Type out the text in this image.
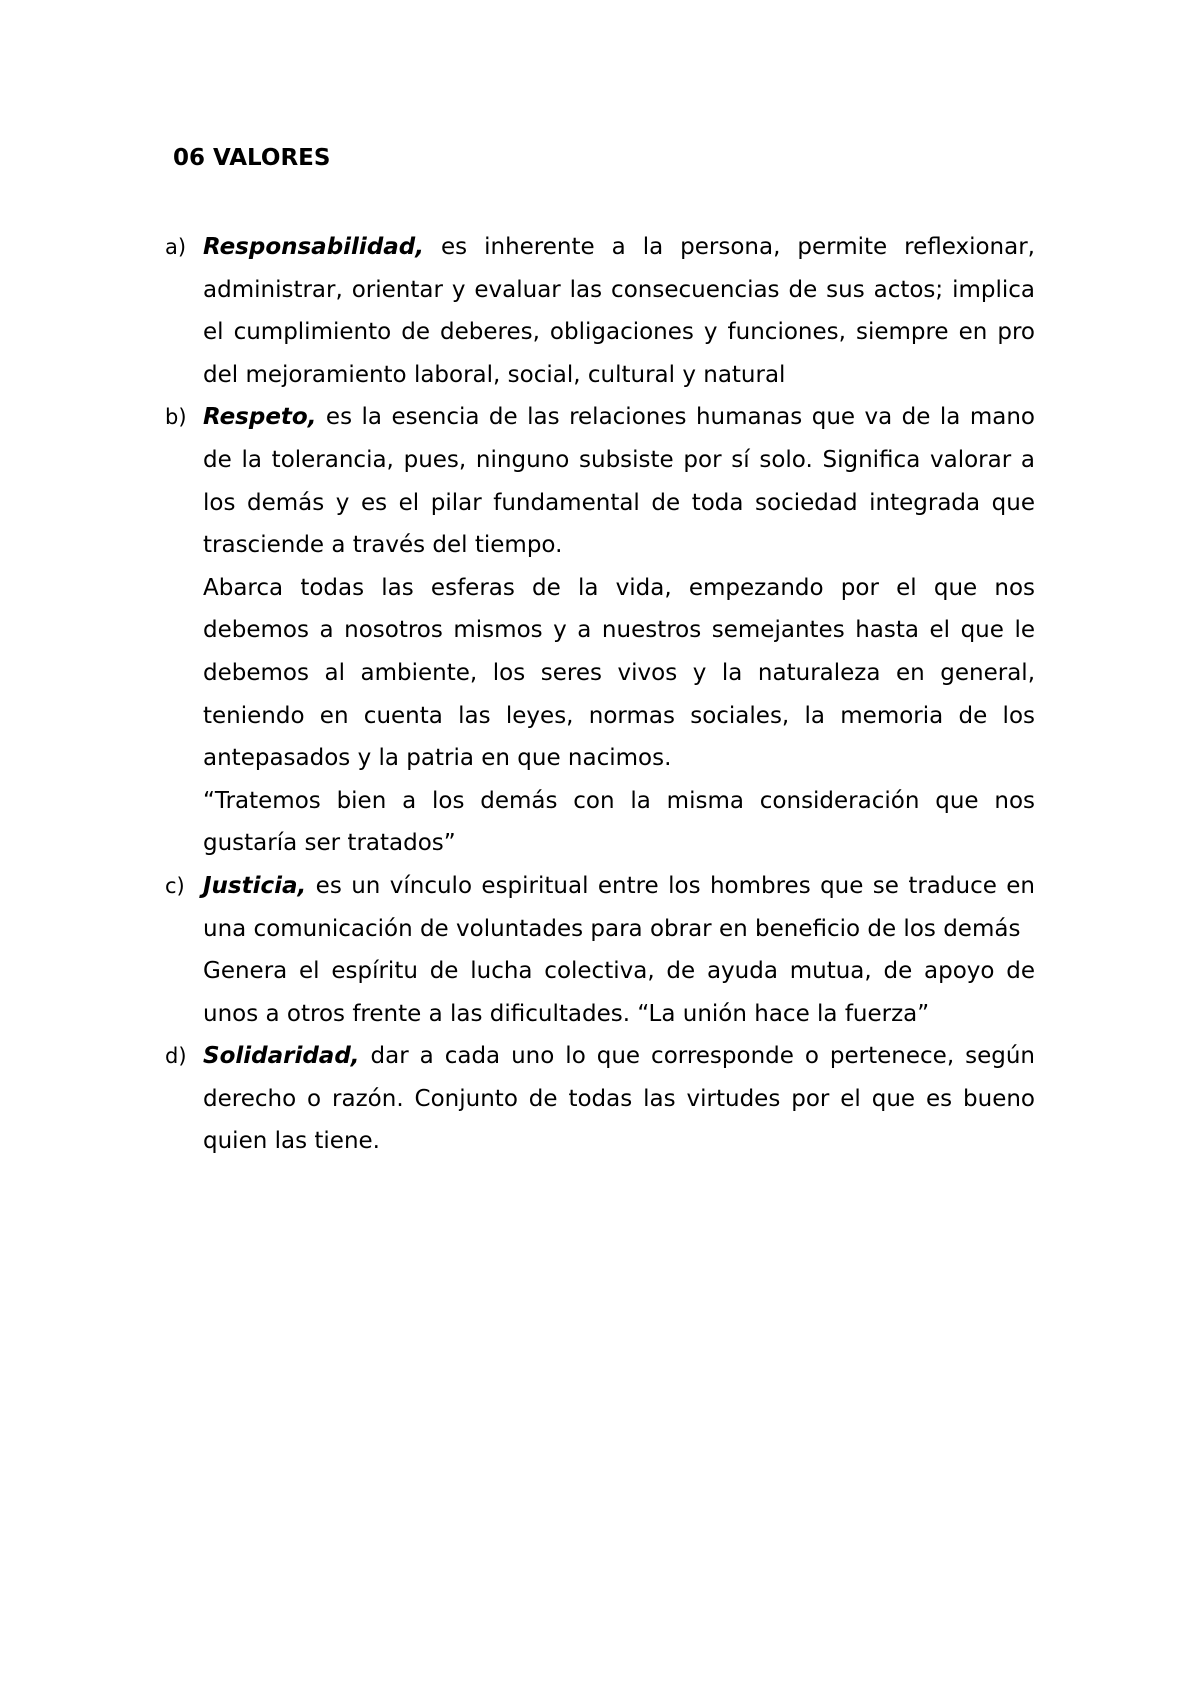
06 VALORES
a) Responsabilidad, es inherente a la persona, permite reflexionar, administrar, orientar y evaluar las consecuencias de sus actos; implica el cumplimiento de deberes, obligaciones y funciones, siempre en pro del mejoramiento laboral, social, cultural y natural

b) Respeto, es la esencia de las relaciones humanas que va de la mano de la tolerancia, pues, ninguno subsiste por sí solo. Significa valorar a los demás y es el pilar fundamental de toda sociedad integrada que trasciende a través del tiempo.

Abarca todas las esferas de la vida, empezando por el que nos debemos a nosotros mismos y a nuestros semejantes hasta el que le debemos al ambiente, los seres vivos y la naturaleza en general, teniendo en cuenta las leyes, normas sociales, la memoria de los antepasados y la patria en que nacimos.

“Tratemos bien a los demás con la misma consideración que nos gustaría ser tratados”

c) Justicia, es un vínculo espiritual entre los hombres que se traduce en una comunicación de voluntades para obrar en beneficio de los demás

Genera el espíritu de lucha colectiva, de ayuda mutua, de apoyo de unos a otros frente a las dificultades. “La unión hace la fuerza”

d) Solidaridad, dar a cada uno lo que corresponde o pertenece, según derecho o razón. Conjunto de todas las virtudes por el que es bueno quien las tiene.
